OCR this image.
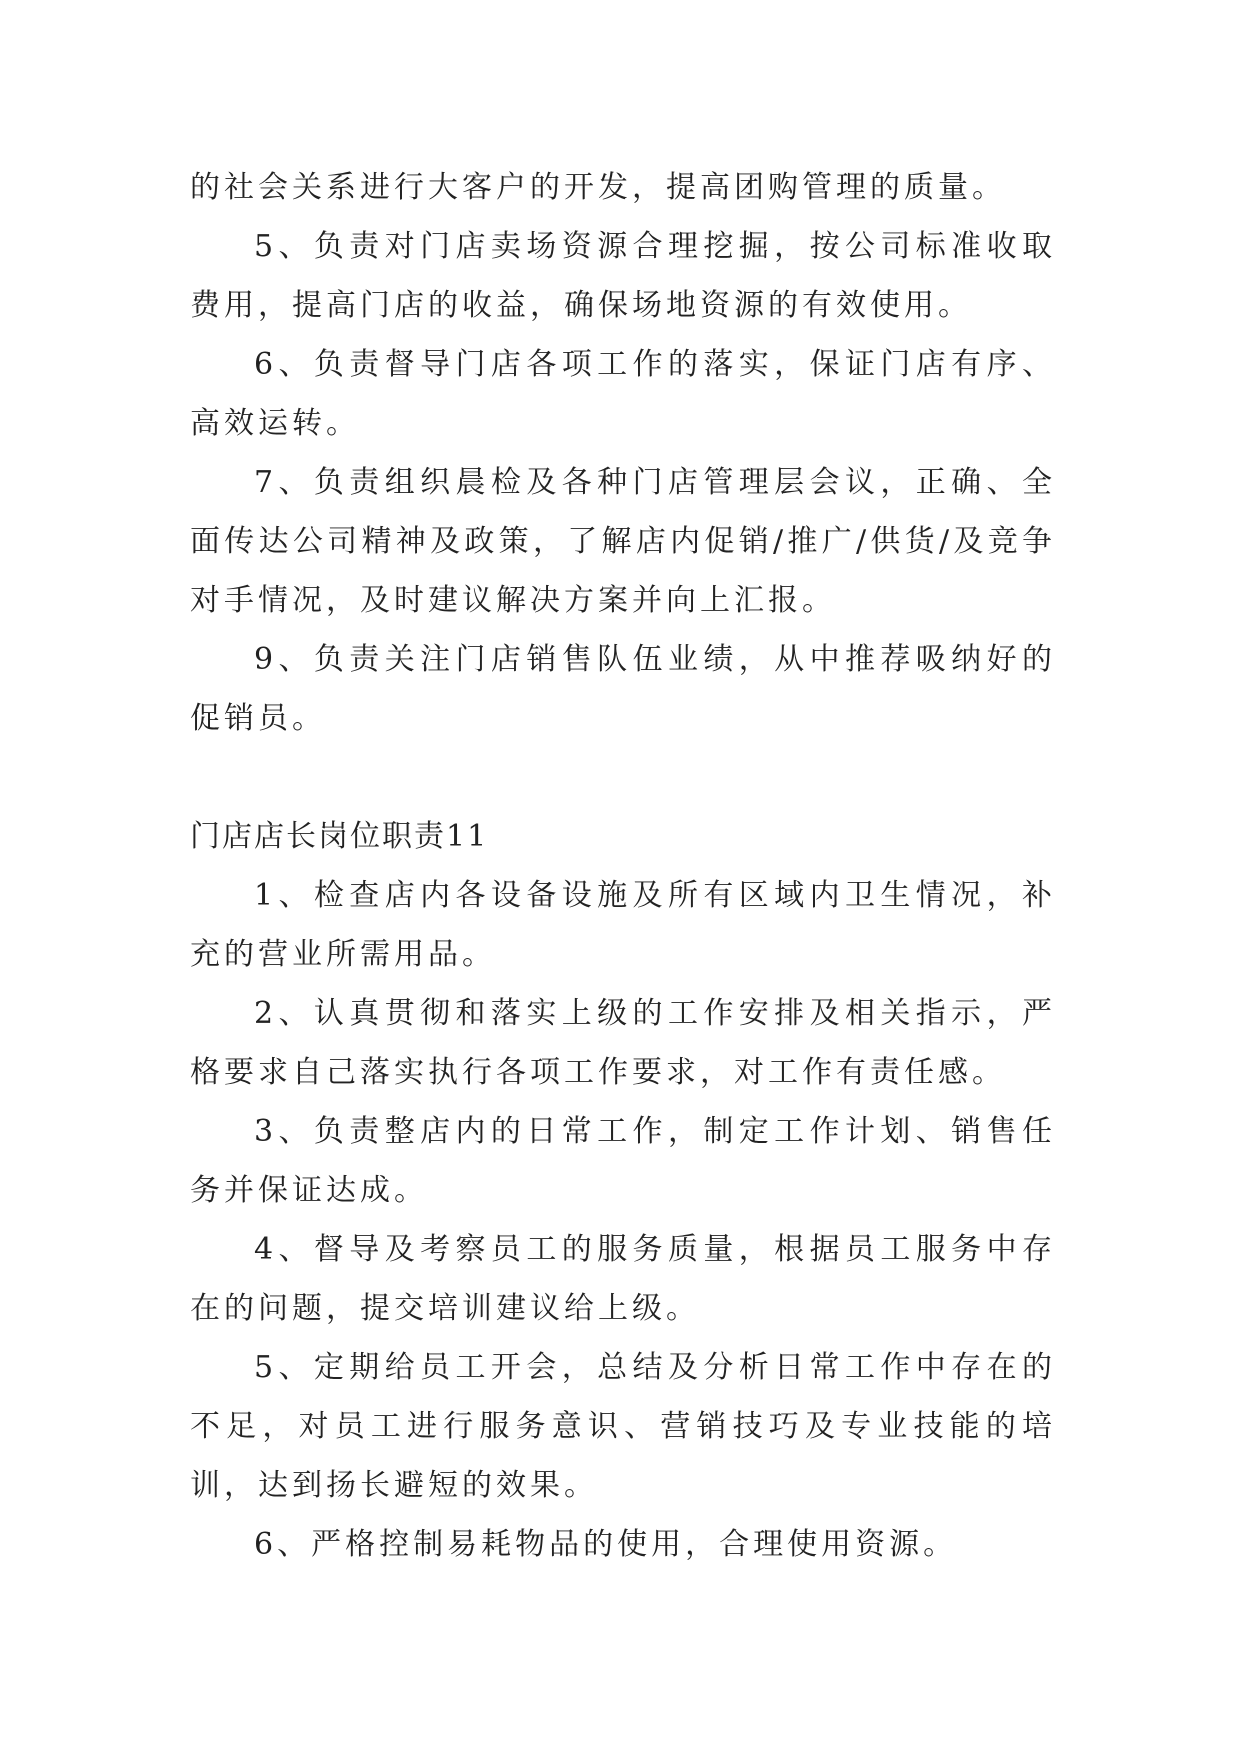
的社会关系进行大客户的开发，提高团购管理的质量。

5、负责对门店卖场资源合理挖掘，按公司标准收取费用，提高门店的收益，确保场地资源的有效使用。

6、负责督导门店各项工作的落实，保证门店有序、高效运转。

7、负责组织晨检及各种门店管理层会议，正确、全面传达公司精神及政策，了解店内促销/推广/供货/及竞争对手情况，及时建议解决方案并向上汇报。

9、负责关注门店销售队伍业绩，从中推荐吸纳好的促销员。

门店店长岗位职责11

1、检查店内各设备设施及所有区域内卫生情况，补充的营业所需用品。

2、认真贯彻和落实上级的工作安排及相关指示，严格要求自己落实执行各项工作要求，对工作有责任感。

3、负责整店内的日常工作，制定工作计划、销售任务并保证达成。

4、督导及考察员工的服务质量，根据员工服务中存在的问题，提交培训建议给上级。

5、定期给员工开会，总结及分析日常工作中存在的不足，对员工进行服务意识、营销技巧及专业技能的培训，达到扬长避短的效果。

6、严格控制易耗物品的使用，合理使用资源。
